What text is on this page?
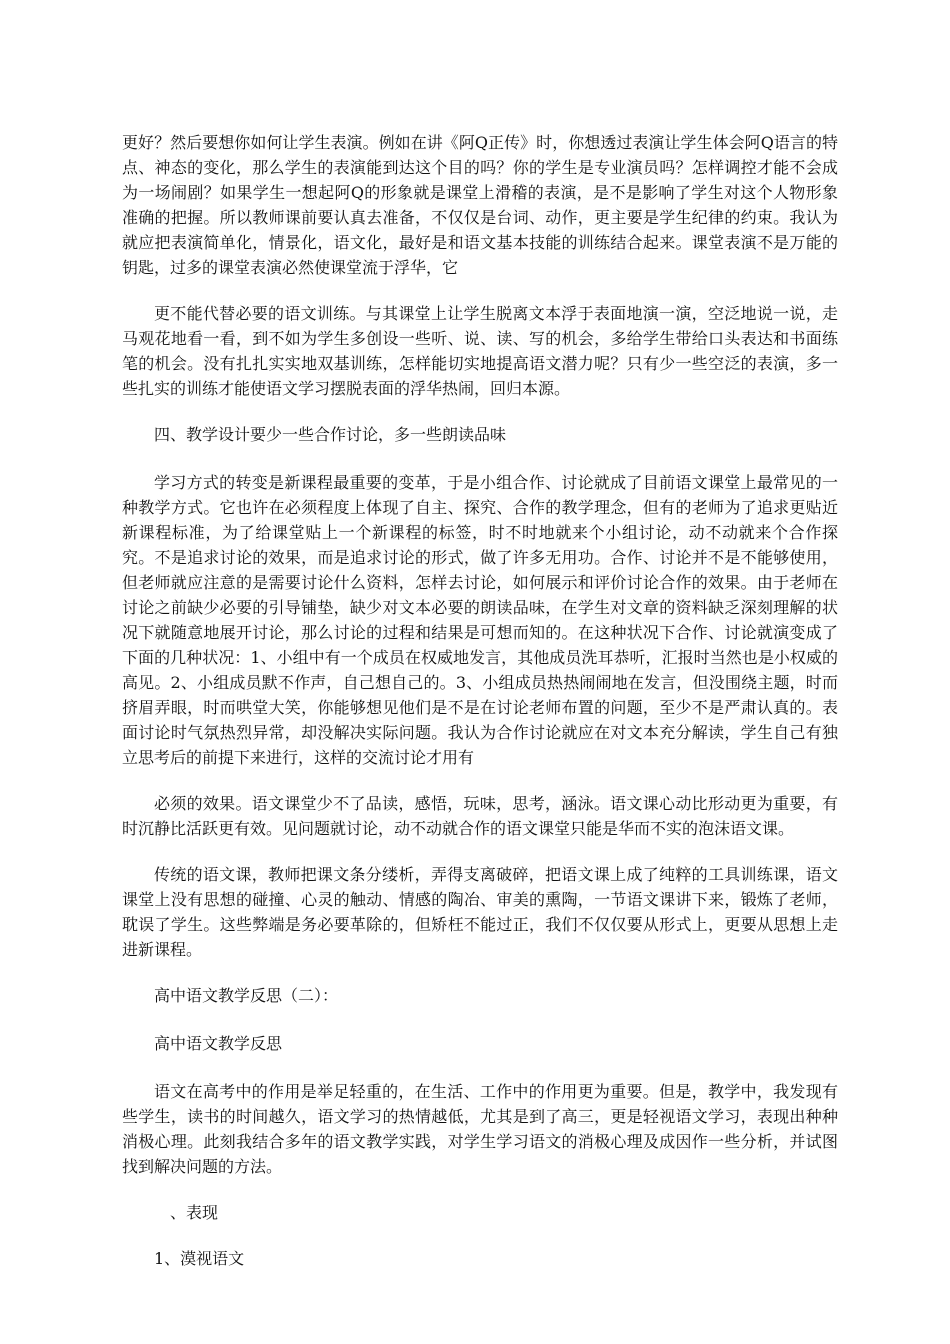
更好？然后要想你如何让学生表演。例如在讲《阿Q正传》时，你想透过表演让学生体会阿Q语言的特点、神态的变化，那么学生的表演能到达这个目的吗？你的学生是专业演员吗？怎样调控才能不会成为一场闹剧？如果学生一想起阿Q的形象就是课堂上滑稽的表演，是不是影响了学生对这个人物形象准确的把握。所以教师课前要认真去准备，不仅仅是台词、动作，更主要是学生纪律的约束。我认为就应把表演简单化，情景化，语文化，最好是和语文基本技能的训练结合起来。课堂表演不是万能的钥匙，过多的课堂表演必然使课堂流于浮华，它

更不能代替必要的语文训练。与其课堂上让学生脱离文本浮于表面地演一演，空泛地说一说，走马观花地看一看，到不如为学生多创设一些听、说、读、写的机会，多给学生带给口头表达和书面练笔的机会。没有扎扎实实地双基训练，怎样能切实地提高语文潜力呢？只有少一些空泛的表演，多一些扎实的训练才能使语文学习摆脱表面的浮华热闹，回归本源。

四、教学设计要少一些合作讨论，多一些朗读品味

学习方式的转变是新课程最重要的变革，于是小组合作、讨论就成了目前语文课堂上最常见的一种教学方式。它也许在必须程度上体现了自主、探究、合作的教学理念，但有的老师为了追求更贴近新课程标准，为了给课堂贴上一个新课程的标签，时不时地就来个小组讨论，动不动就来个合作探究。不是追求讨论的效果，而是追求讨论的形式，做了许多无用功。合作、讨论并不是不能够使用，但老师就应注意的是需要讨论什么资料，怎样去讨论，如何展示和评价讨论合作的效果。由于老师在讨论之前缺少必要的引导铺垫，缺少对文本必要的朗读品味，在学生对文章的资料缺乏深刻理解的状况下就随意地展开讨论，那么讨论的过程和结果是可想而知的。在这种状况下合作、讨论就演变成了下面的几种状况：1、小组中有一个成员在权威地发言，其他成员洗耳恭听，汇报时当然也是小权威的高见。2、小组成员默不作声，自己想自己的。3、小组成员热热闹闹地在发言，但没围绕主题，时而挤眉弄眼，时而哄堂大笑，你能够想见他们是不是在讨论老师布置的问题，至少不是严肃认真的。表面讨论时气氛热烈异常，却没解决实际问题。我认为合作讨论就应在对文本充分解读，学生自己有独立思考后的前提下来进行，这样的交流讨论才用有

必须的效果。语文课堂少不了品读，感悟，玩味，思考，涵泳。语文课心动比形动更为重要，有时沉静比活跃更有效。见问题就讨论，动不动就合作的语文课堂只能是华而不实的泡沫语文课。

传统的语文课，教师把课文条分缕析，弄得支离破碎，把语文课上成了纯粹的工具训练课，语文课堂上没有思想的碰撞、心灵的触动、情感的陶冶、审美的熏陶，一节语文课讲下来，锻炼了老师，耽误了学生。这些弊端是务必要革除的，但矫枉不能过正，我们不仅仅要从形式上，更要从思想上走进新课程。

高中语文教学反思（二）：

高中语文教学反思

语文在高考中的作用是举足轻重的，在生活、工作中的作用更为重要。但是，教学中，我发现有些学生，读书的时间越久，语文学习的热情越低，尤其是到了高三，更是轻视语文学习，表现出种种消极心理。此刻我结合多年的语文教学实践，对学生学习语文的消极心理及成因作一些分析，并试图找到解决问题的方法。

、表现

1、漠视语文
